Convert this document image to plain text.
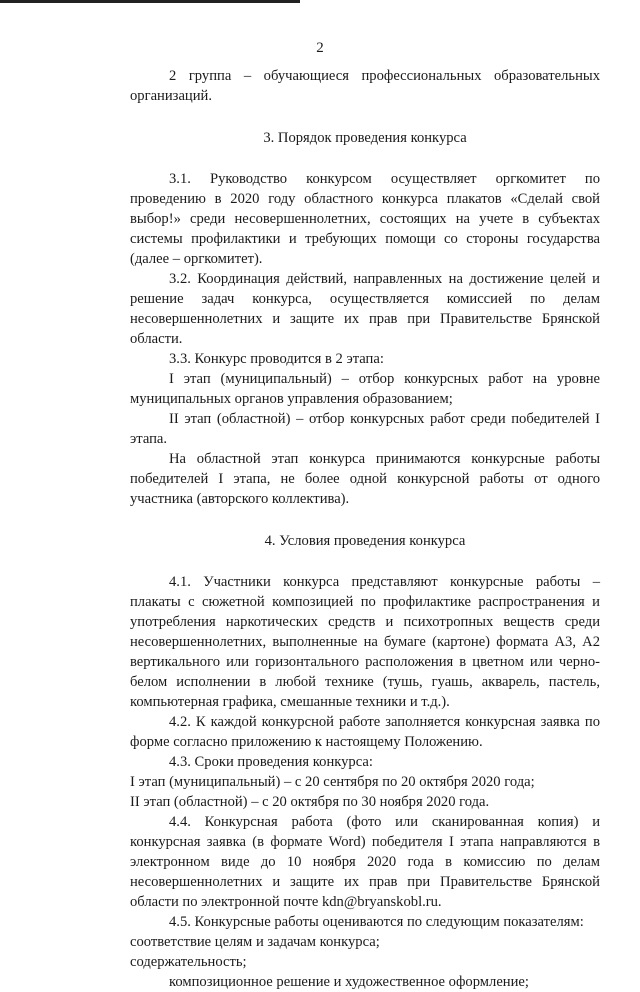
2

2 группа – обучающиеся профессиональных образовательных организаций.

3. Порядок проведения конкурса

3.1. Руководство конкурсом осуществляет оргкомитет по проведению в 2020 году областного конкурса плакатов «Сделай свой выбор!» среди несовершеннолетних, состоящих на учете в субъектах системы профилактики и требующих помощи со стороны государства (далее – оргкомитет).

3.2. Координация действий, направленных на достижение целей и решение задач конкурса, осуществляется комиссией по делам несовершеннолетних и защите их прав при Правительстве Брянской области.

3.3. Конкурс проводится в 2 этапа:

I этап (муниципальный) – отбор конкурсных работ на уровне муниципальных органов управления образованием;

II этап (областной) – отбор конкурсных работ среди победителей I этапа.

На областной этап конкурса принимаются конкурсные работы победителей I этапа, не более одной конкурсной работы от одного участника (авторского коллектива).

4. Условия проведения конкурса

4.1. Участники конкурса представляют конкурсные работы – плакаты с сюжетной композицией по профилактике распространения и употребления наркотических средств и психотропных веществ среди несовершеннолетних, выполненные на бумаге (картоне) формата А3, А2 вертикального или горизонтального расположения в цветном или черно-белом исполнении в любой технике (тушь, гуашь, акварель, пастель, компьютерная графика, смешанные техники и т.д.).

4.2. К каждой конкурсной работе заполняется конкурсная заявка по форме согласно приложению к настоящему Положению.

4.3. Сроки проведения конкурса:

I этап (муниципальный) – с 20 сентября по 20 октября 2020 года;

II этап (областной) – с 20 октября по 30 ноября 2020 года.

4.4. Конкурсная работа (фото или сканированная копия) и конкурсная заявка (в формате Word) победителя I этапа направляются в электронном виде до 10 ноября 2020 года в комиссию по делам несовершеннолетних и защите их прав при Правительстве Брянской области по электронной почте kdn@bryanskobl.ru.

4.5. Конкурсные работы оцениваются по следующим показателям:

соответствие целям и задачам конкурса;

содержательность;

композиционное решение и художественное оформление;
